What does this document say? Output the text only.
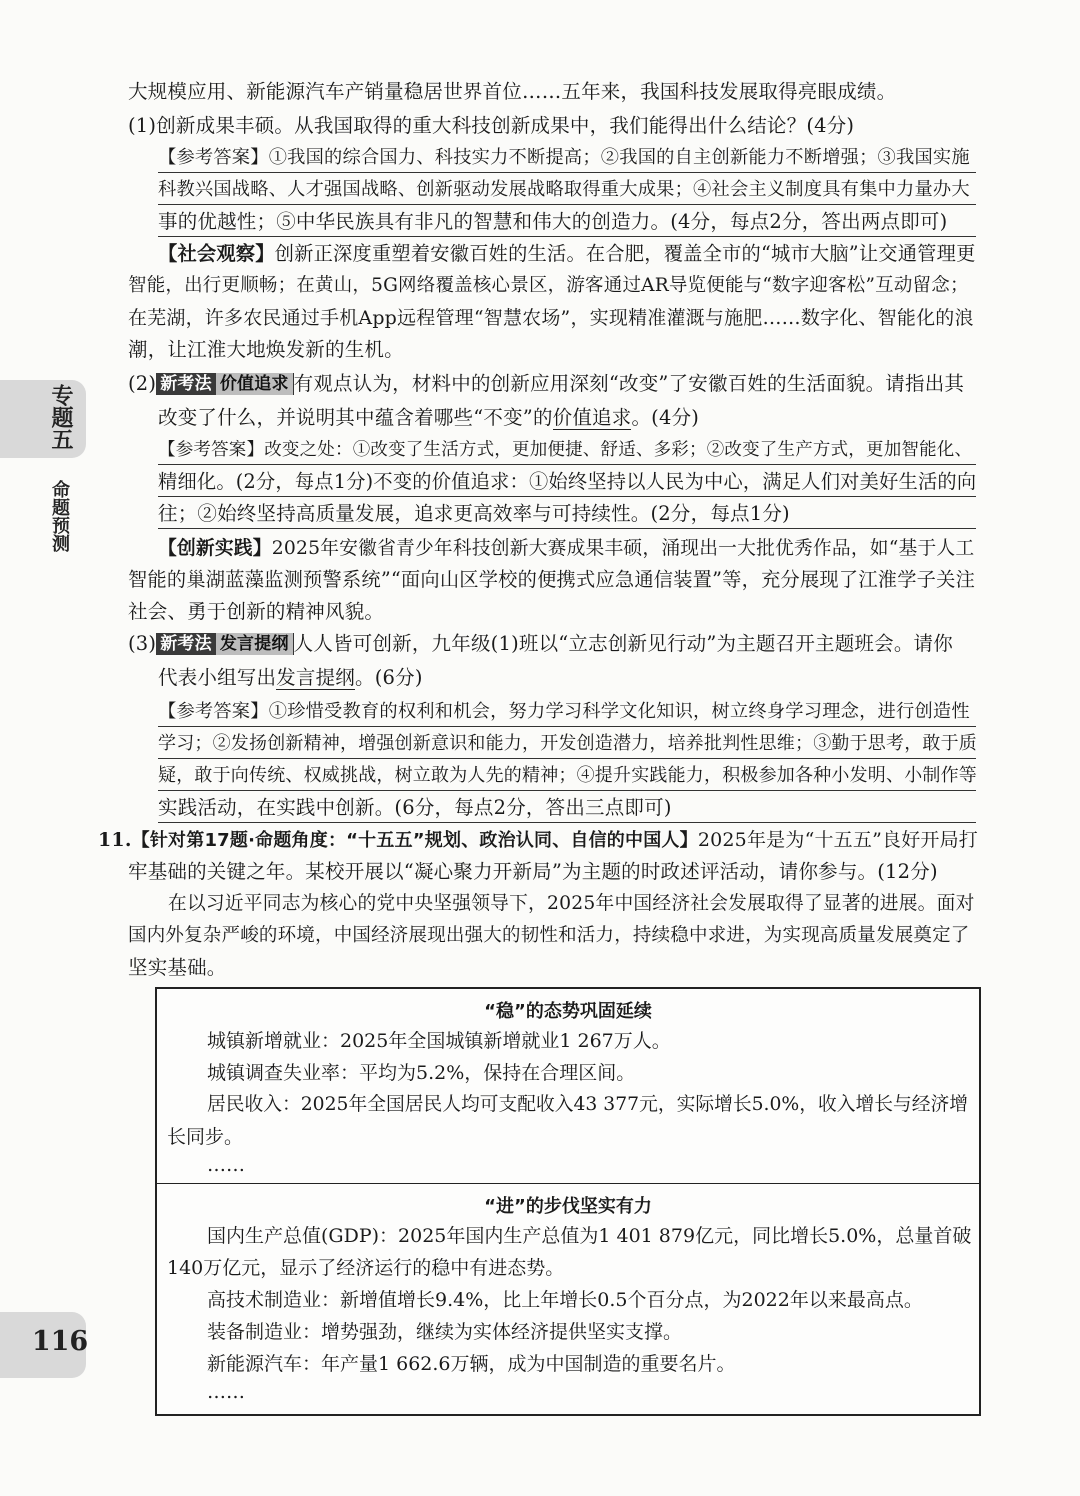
专题五
命题预测
116
大规模应用、新能源汽车产销量稳居世界首位……五年来，我国科技发展取得亮眼成绩。
(1)创新成果丰硕。从我国取得的重大科技创新成果中，我们能得出什么结论？(4分)
【参考答案】①我国的综合国力、科技实力不断提高；②我国的自主创新能力不断增强；③我国实施
科教兴国战略、人才强国战略、创新驱动发展战略取得重大成果；④社会主义制度具有集中力量办大
事的优越性；⑤中华民族具有非凡的智慧和伟大的创造力。(4分，每点2分，答出两点即可)
【社会观察】创新正深度重塑着安徽百姓的生活。在合肥，覆盖全市的“城市大脑”让交通管理更
智能，出行更顺畅；在黄山，5G网络覆盖核心景区，游客通过AR导览便能与“数字迎客松”互动留念；
在芜湖，许多农民通过手机App远程管理“智慧农场”，实现精准灌溉与施肥……数字化、智能化的浪
潮，让江淮大地焕发新的生机。
(2) 新考法 价值追求 有观点认为，材料中的创新应用深刻“改变”了安徽百姓的生活面貌。请指出其
改变了什么，并说明其中蕴含着哪些“不变”的价值追求。(4分)
【参考答案】改变之处：①改变了生活方式，更加便捷、舒适、多彩；②改变了生产方式，更加智能化、
精细化。(2分，每点1分)不变的价值追求：①始终坚持以人民为中心，满足人们对美好生活的向
往；②始终坚持高质量发展，追求更高效率与可持续性。(2分，每点1分)
【创新实践】2025年安徽省青少年科技创新大赛成果丰硕，涌现出一大批优秀作品，如“基于人工
智能的巢湖蓝藻监测预警系统”“面向山区学校的便携式应急通信装置”等，充分展现了江淮学子关注
社会、勇于创新的精神风貌。
(3) 新考法 发言提纲 人人皆可创新，九年级(1)班以“立志创新见行动”为主题召开主题班会。请你
代表小组写出发言提纲。(6分)
【参考答案】①珍惜受教育的权利和机会，努力学习科学文化知识，树立终身学习理念，进行创造性
学习；②发扬创新精神，增强创新意识和能力，开发创造潜力，培养批判性思维；③勤于思考，敢于质
疑，敢于向传统、权威挑战，树立敢为人先的精神；④提升实践能力，积极参加各种小发明、小制作等
实践活动，在实践中创新。(6分，每点2分，答出三点即可)
11.【针对第17题·命题角度：“十五五”规划、政治认同、自信的中国人】2025年是为“十五五”良好开局打
牢基础的关键之年。某校开展以“凝心聚力开新局”为主题的时政述评活动，请你参与。(12分)
在以习近平同志为核心的党中央坚强领导下，2025年中国经济社会发展取得了显著的进展。面对
国内外复杂严峻的环境，中国经济展现出强大的韧性和活力，持续稳中求进，为实现高质量发展奠定了
坚实基础。
“稳”的态势巩固延续
城镇新增就业：2025年全国城镇新增就业1 267万人。
城镇调查失业率：平均为5.2%，保持在合理区间。
居民收入：2025年全国居民人均可支配收入43 377元，实际增长5.0%，收入增长与经济增
长同步。
……
“进”的步伐坚实有力
国内生产总值(GDP)：2025年国内生产总值为1 401 879亿元，同比增长5.0%，总量首破
140万亿元，显示了经济运行的稳中有进态势。
高技术制造业：新增值增长9.4%，比上年增长0.5个百分点，为2022年以来最高点。
装备制造业：增势强劲，继续为实体经济提供坚实支撑。
新能源汽车：年产量1 662.6万辆，成为中国制造的重要名片。
……
